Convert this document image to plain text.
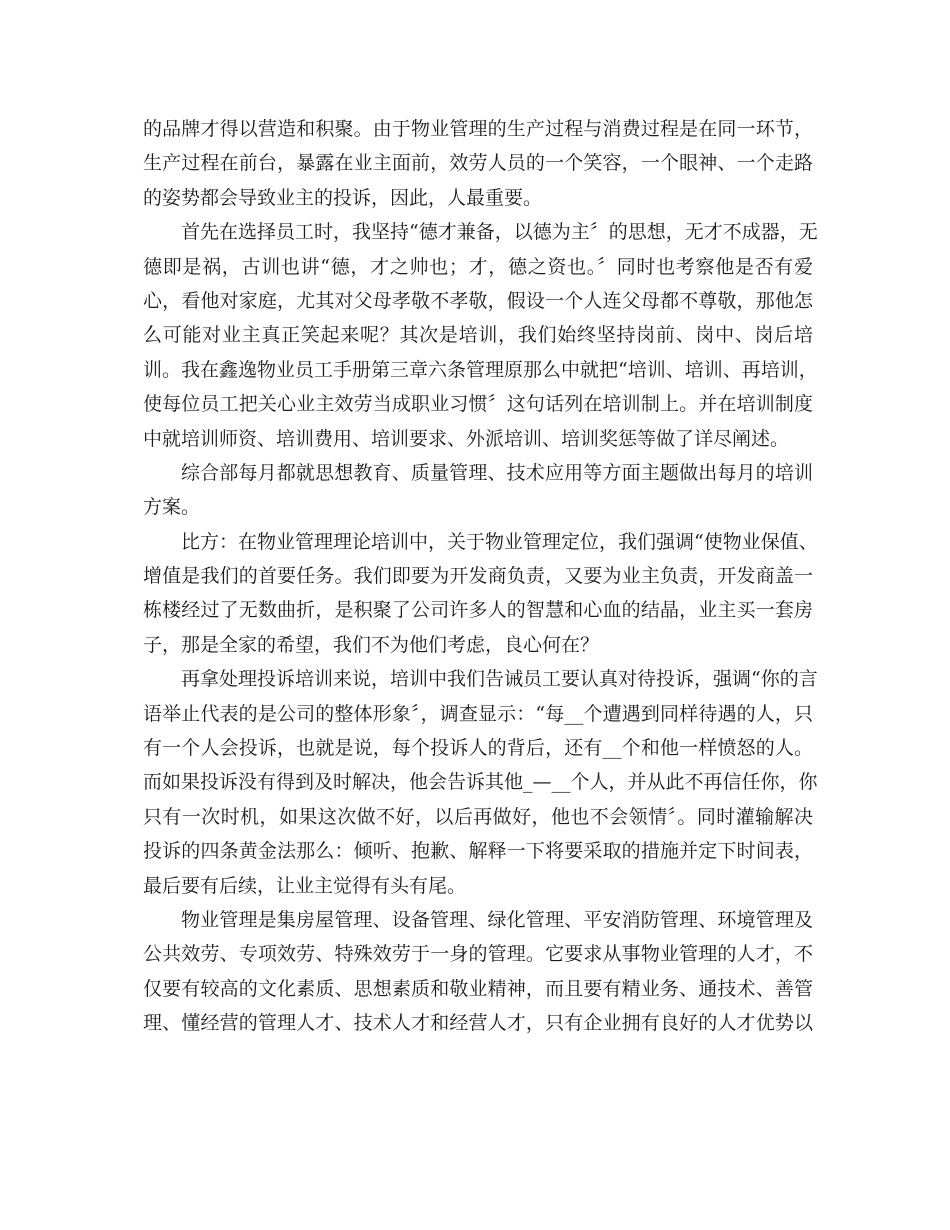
的品牌才得以营造和积聚。由于物业管理的生产过程与消费过程是在同一环节，
生产过程在前台，暴露在业主面前，效劳人员的一个笑容，一个眼神、一个走路
的姿势都会导致业主的投诉，因此，人最重要。
首先在选择员工时，我坚持“德才兼备，以德为主〞的思想，无才不成器，无
德即是祸，古训也讲“德，才之帅也；才，德之资也。〞同时也考察他是否有爱
心，看他对家庭，尤其对父母孝敬不孝敬，假设一个人连父母都不尊敬，那他怎
么可能对业主真正笑起来呢？其次是培训，我们始终坚持岗前、岗中、岗后培
训。我在鑫逸物业员工手册第三章六条管理原那么中就把“培训、培训、再培训，
使每位员工把关心业主效劳当成职业习惯〞这句话列在培训制上。并在培训制度
中就培训师资、培训费用、培训要求、外派培训、培训奖惩等做了详尽阐述。
综合部每月都就思想教育、质量管理、技术应用等方面主题做出每月的培训
方案。
比方：在物业管理理论培训中，关于物业管理定位，我们强调“使物业保值、
增值是我们的首要任务。我们即要为开发商负责，又要为业主负责，开发商盖一
栋楼经过了无数曲折，是积聚了公司许多人的智慧和心血的结晶，业主买一套房
子，那是全家的希望，我们不为他们考虑，良心何在？
再拿处理投诉培训来说，培训中我们告诫员工要认真对待投诉，强调“你的言
语举止代表的是公司的整体形象〞，调查显示：“每__个遭遇到同样待遇的人，只
有一个人会投诉，也就是说，每个投诉人的背后，还有__个和他一样愤怒的人。
而如果投诉没有得到及时解决，他会告诉其他_—__个人，并从此不再信任你，你
只有一次时机，如果这次做不好，以后再做好，他也不会领情〞。同时灌输解决
投诉的四条黄金法那么：倾听、抱歉、解释一下将要采取的措施并定下时间表，
最后要有后续，让业主觉得有头有尾。
物业管理是集房屋管理、设备管理、绿化管理、平安消防管理、环境管理及
公共效劳、专项效劳、特殊效劳于一身的管理。它要求从事物业管理的人才，不
仅要有较高的文化素质、思想素质和敬业精神，而且要有精业务、通技术、善管
理、懂经营的管理人才、技术人才和经营人才，只有企业拥有良好的人才优势以
